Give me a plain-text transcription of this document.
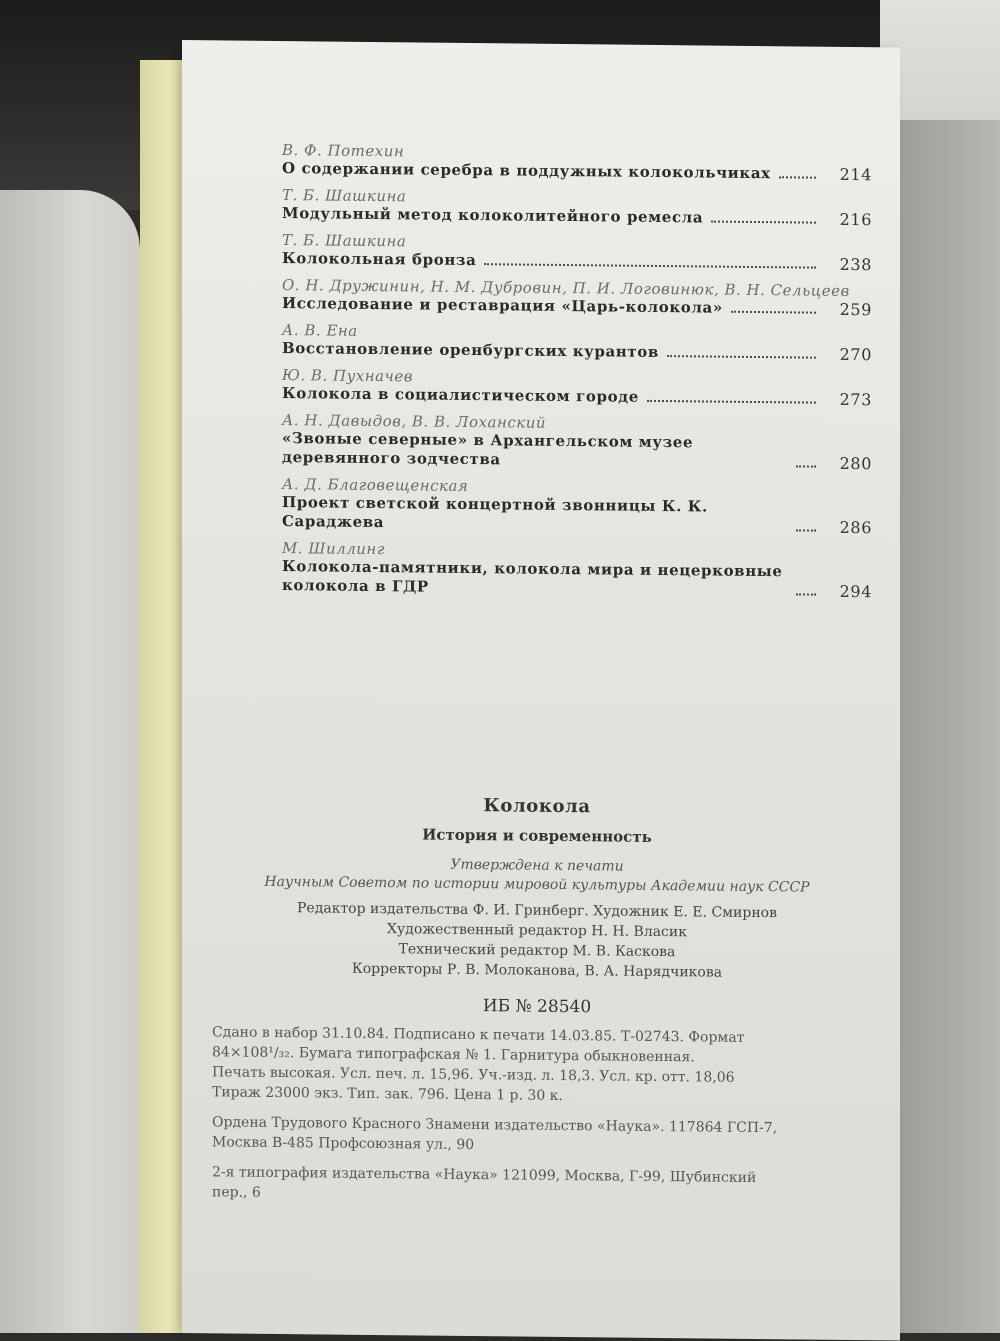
В. Ф. Потехин
О содержании серебра в поддужных колокольчиках	214
Т. Б. Шашкина
Модульный метод колоколитейного ремесла	216
Т. Б. Шашкина
Колокольная бронза	238
О. Н. Дружинин, Н. М. Дубровин, П. И. Логовинюк, В. Н. Сельцеев
Исследование и реставрация «Царь-колокола»	259
А. В. Ена
Восстановление оренбургских курантов	270
Ю. В. Пухначев
Колокола в социалистическом городе	273
А. Н. Давыдов, В. В. Лоханский
«Звоные северные» в Архангельском музее деревянного зодчества	280
А. Д. Благовещенская
Проект светской концертной звонницы К. К. Сараджева	286
М. Шиллинг
Колокола-памятники, колокола мира и нецерковные колокола в ГДР	294
Колокола
История и современность
Утверждена к печати
Научным Советом по истории мировой культуры Академии наук СССР
Редактор издательства Ф. И. Гринберг. Художник Е. Е. Смирнов
Художественный редактор Н. Н. Власик
Технический редактор М. В. Каскова
Корректоры Р. В. Молоканова, В. А. Нарядчикова
ИБ № 28540
Сдано в набор 31.10.84. Подписано к печати 14.03.85. Т-02743. Формат
84×108¹/₃₂. Бумага типографская № 1. Гарнитура обыкновенная.
Печать высокая. Усл. печ. л. 15,96. Уч.-изд. л. 18,3. Усл. кр. отт. 18,06
Тираж 23000 экз. Тип. зак. 796. Цена 1 р. 30 к.
Ордена Трудового Красного Знамени издательство «Наука». 117864 ГСП-7,
Москва В-485 Профсоюзная ул., 90
2-я типография издательства «Наука» 121099, Москва, Г-99, Шубинский
пер., 6
